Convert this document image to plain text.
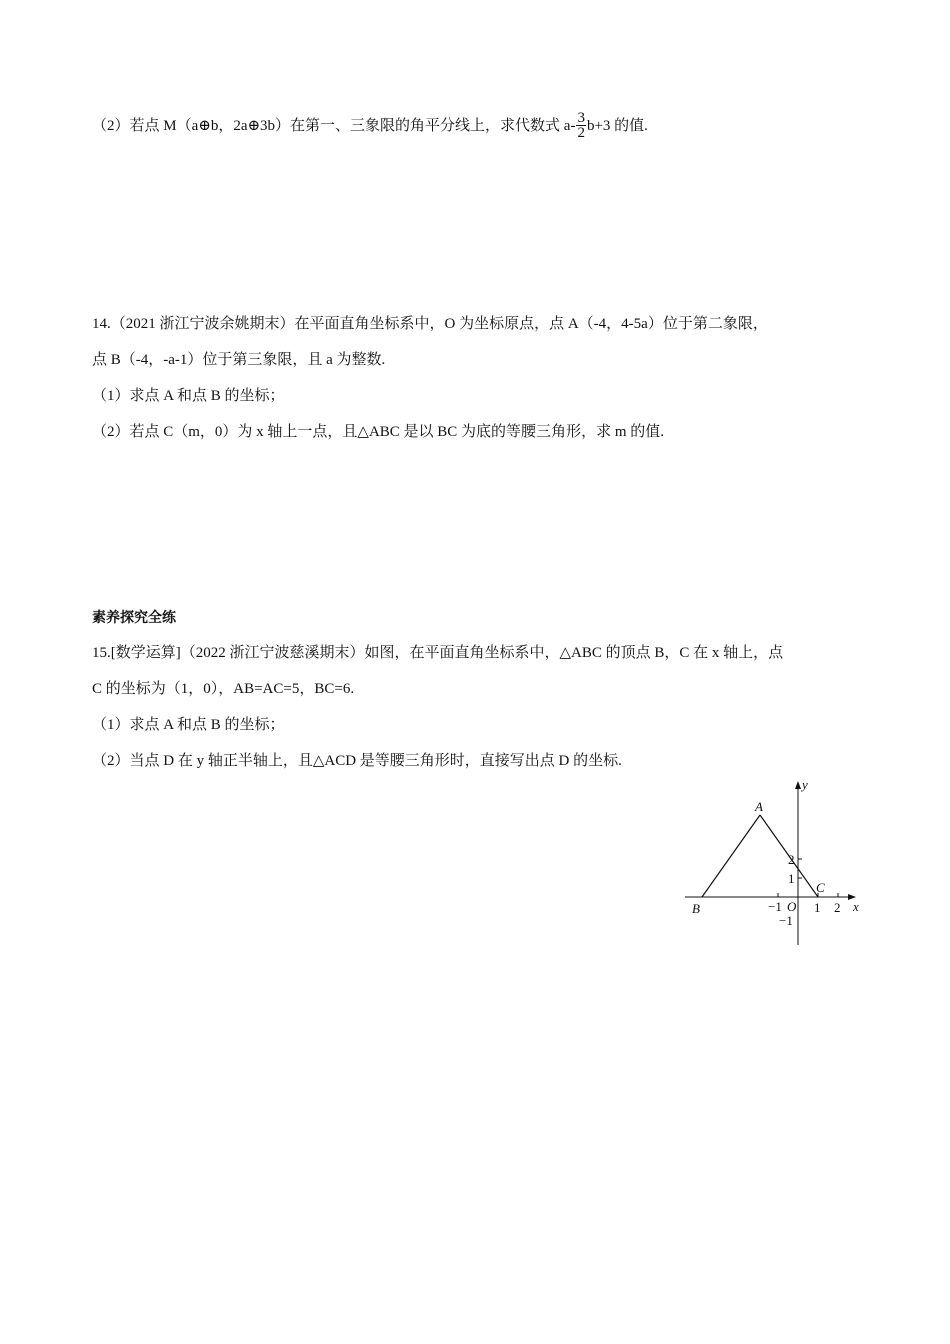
（2）若点 M（a⊕b，2a⊕3b）在第一、三象限的角平分线上，求代数式 $a- \frac{3}{2} b+3$ 的值.
14.（2021 浙江宁波余姚期末）在平面直角坐标系中，O 为坐标原点，点 A（-4，4-5a）位于第二象限，
点 B（-4，-a-1）位于第三象限，且 a 为整数.
（1）求点 A 和点 B 的坐标；
（2）若点 C（m，0）为 x 轴上一点，且△ABC 是以 BC 为底的等腰三角形，求 m 的值.
素养探究全练
15.[数学运算]（2022 浙江宁波慈溪期末）如图，在平面直角坐标系中，△ABC 的顶点 B，C 在 x 轴上，点
C 的坐标为（1，0），AB=AC=5，BC=6.
（1）求点 A 和点 B 的坐标；
（2）当点 D 在 y 轴正半轴上，且△ACD 是等腰三角形时，直接写出点 D 的坐标.
A
B
C
x
y
−1 O 1 2
2
1
−1
